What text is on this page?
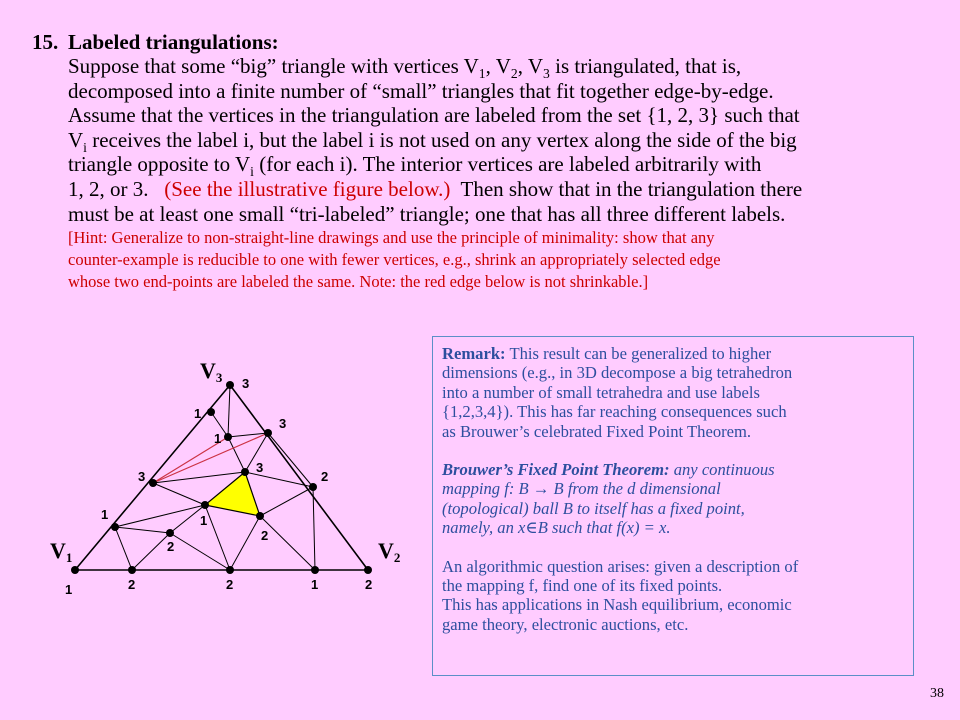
15. Labeled triangulations:
Suppose that some “big” triangle with vertices $V_1$, $V_2$, $V_3$ is triangulated, that is,
decomposed into a finite number of “small” triangles that fit together edge-by-edge.
Assume that the vertices in the triangulation are labeled from the set {1, 2, 3} such that
$V_i$ receives the label i, but the label i is not used on any vertex along the side of the big
triangle opposite to $V_i$ (for each i). The interior vertices are labeled arbitrarily with
1, 2, or 3.   (See the illustrative figure below.)  Then show that in the triangulation there
must be at least one small “tri-labeled” triangle; one that has all three different labels.
[Hint: Generalize to non-straight-line drawings and use the principle of minimality: show that any
counter-example is reducible to one with fewer vertices, e.g., shrink an appropriately selected edge
whose two end-points are labeled the same. Note: the red edge below is not shrinkable.]
3
1
3
1
3
3	2
1	1
2
2
1	2	2	1	2
V3
V1	V2

Remark: This result can be generalized to higher
dimensions (e.g., in 3D decompose a big tetrahedron
into a number of small tetrahedra and use labels
{1,2,3,4}). This has far reaching consequences such
as Brouwer’s celebrated Fixed Point Theorem.

Brouwer’s Fixed Point Theorem: any continuous
mapping f: B → B from the d dimensional
(topological) ball B to itself has a fixed point,
namely, an x∈B such that f(x) = x.

An algorithmic question arises: given a description of
the mapping f, find one of its fixed points.
This has applications in Nash equilibrium, economic
game theory, electronic auctions, etc.

38
